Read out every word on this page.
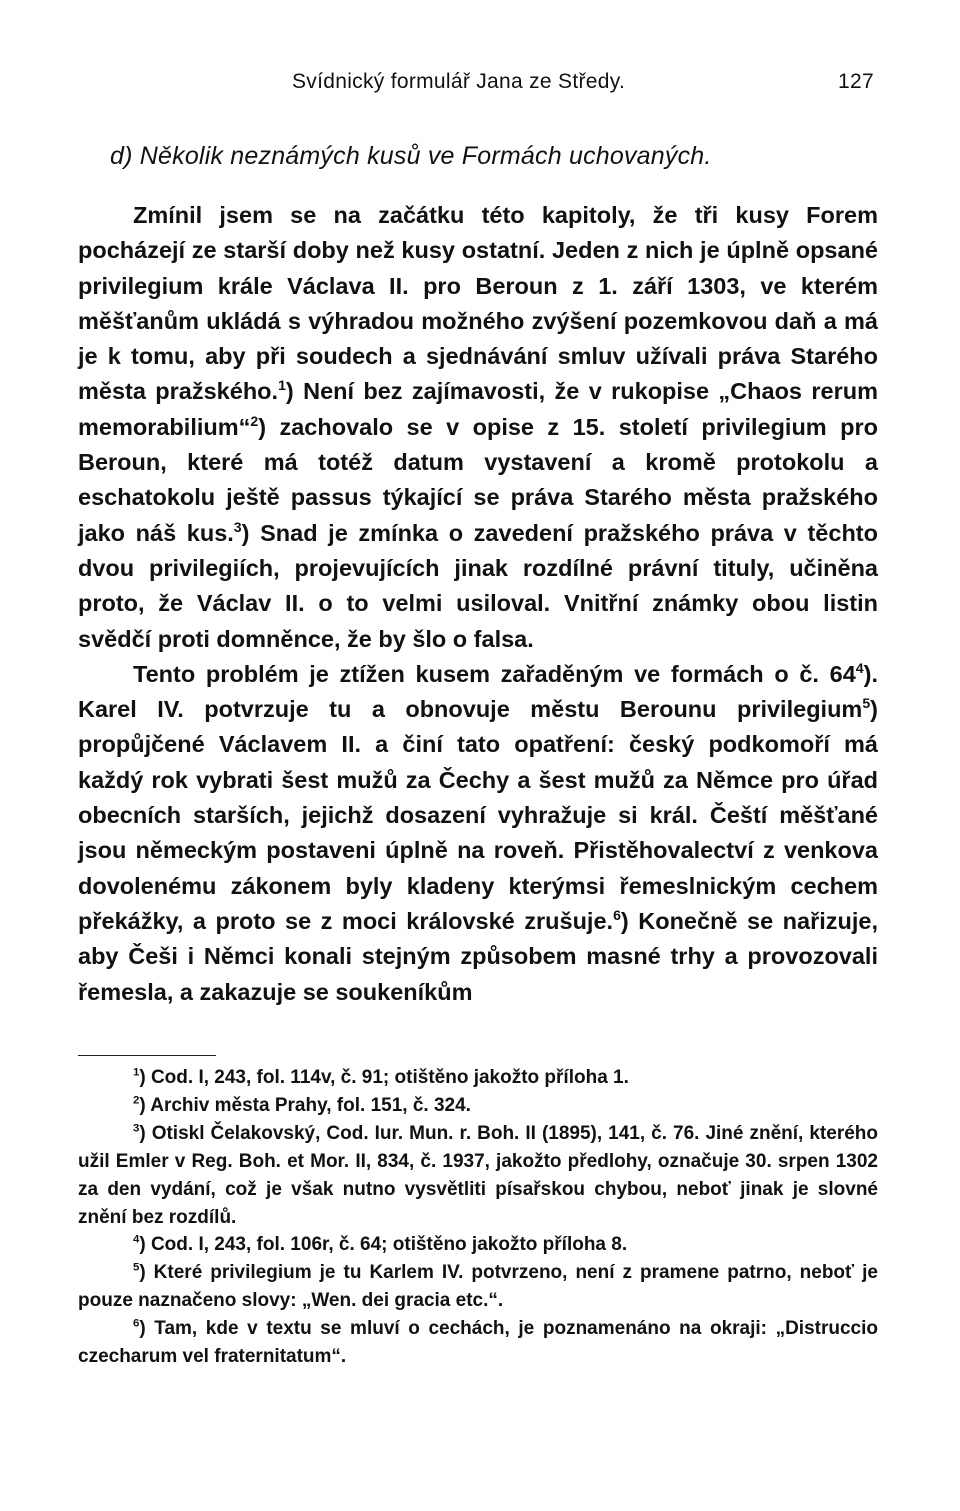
Svídnický formulář Jana ze Středy.	127
d) Několik neznámých kusů ve Formách uchovaných.

Zmínil jsem se na začátku této kapitoly, že tři kusy Forem pocházejí ze starší doby než kusy ostatní. Jeden z nich je úplně opsané privilegium krále Václava II. pro Beroun z 1. září 1303, ve kterém měšťanům ukládá s výhradou možného zvýšení pozemkovou daň a má je k tomu, aby při soudech a sjednávání smluv užívali práva Starého města pražského.$^1$) Není bez zajímavosti, že v rukopise „Chaos rerum memorabilium“$^2$) zachovalo se v opise z 15. století privilegium pro Beroun, které má totéž datum vystavení a kromě protokolu a eschatokolu ještě passus týkající se práva Starého města pražského jako náš kus.$^3$) Snad je zmínka o zavedení pražského práva v těchto dvou privilegiích, projevujících jinak rozdílné právní tituly, učiněna proto, že Václav II. o to velmi usiloval. Vnitřní známky obou listin svědčí proti domněnce, že by šlo o falsa.

Tento problém je ztížen kusem zařaděným ve formách o č. $64^4$). Karel IV. potvrzuje tu a obnovuje městu Berounu privilegium$^5$) propůjčené Václavem II. a činí tato opatření: český podkomoří má každý rok vybrati šest mužů za Čechy a šest mužů za Němce pro úřad obecních starších, jejichž dosazení vyhražuje si král. Čeští měšťané jsou německým postaveni úplně na roveň. Přistěhovalectví z venkova dovolenému zákonem byly kladeny kterýmsi řemeslnickým cechem překážky, a proto se z moci královské zrušuje.$^6$) Konečně se nařizuje, aby Češi i Němci konali stejným způsobem masné trhy a provozovali řemesla, a zakazuje se soukeníkům

$^1$) Cod. I, 243, fol. 114v, č. 91; otištěno jakožto příloha 1.

$^2$) Archiv města Prahy, fol. 151, č. 324.

$^3$) Otiskl Čelakovský, Cod. Iur. Mun. r. Boh. II (1895), 141, č. 76. Jiné znění, kterého užil Emler v Reg. Boh. et Mor. II, 834, č. 1937, jakožto předlohy, označuje 30. srpen 1302 za den vydání, což je však nutno vysvětliti písařskou chybou, neboť jinak je slovné znění bez rozdílů.

$^4$) Cod. I, 243, fol. 106r, č. 64; otištěno jakožto příloha 8.

$^5$) Které privilegium je tu Karlem IV. potvrzeno, není z pramene patrno, neboť je pouze naznačeno slovy: „Wen. dei gracia etc.“.

$^6$) Tam, kde v textu se mluví o cechách, je poznamenáno na okraji: „Distruccio czecharum vel fraternitatum“.
